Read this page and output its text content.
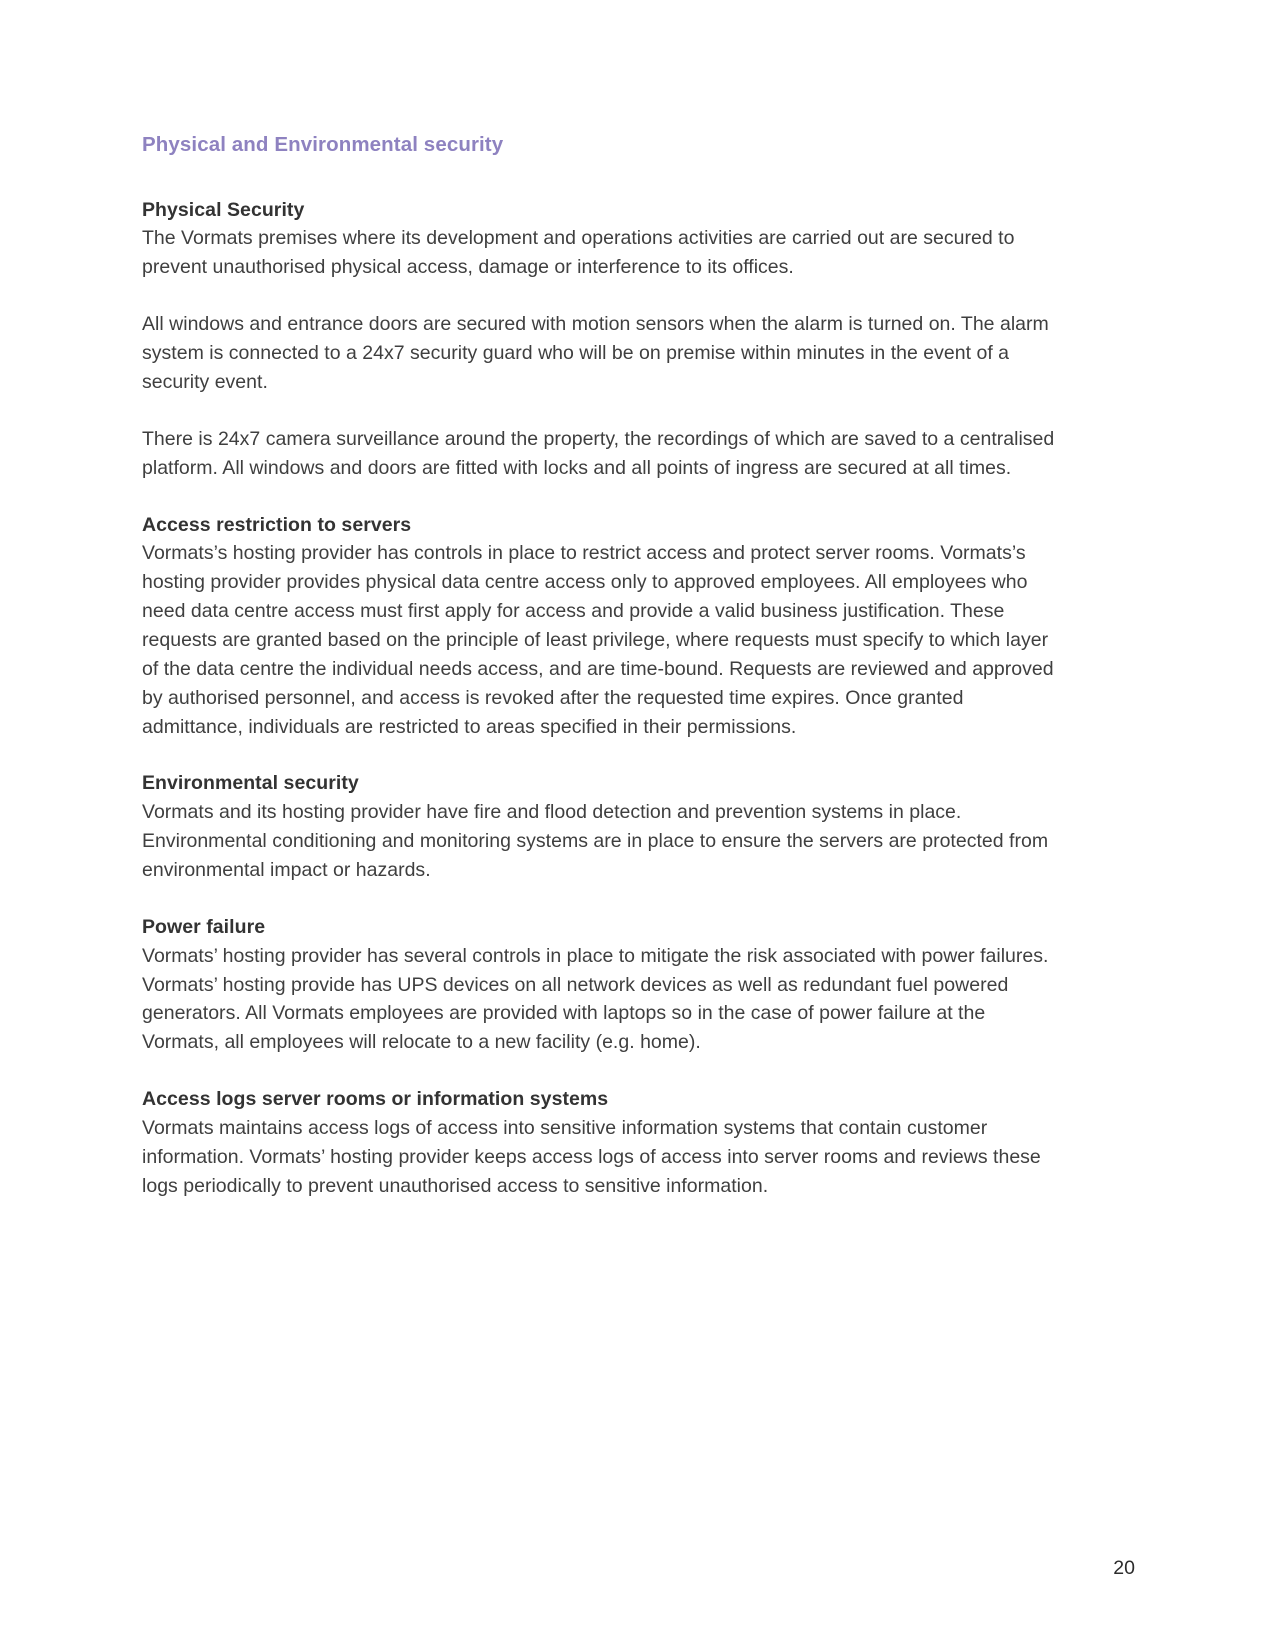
Physical and Environmental security
Physical Security

The Vormats premises where its development and operations activities are carried out are secured to prevent unauthorised physical access, damage or interference to its offices.

All windows and entrance doors are secured with motion sensors when the alarm is turned on. The alarm system is connected to a 24x7 security guard who will be on premise within minutes in the event of a security event.

There is 24x7 camera surveillance around the property, the recordings of which are saved to a centralised platform. All windows and doors are fitted with locks and all points of ingress are secured at all times.

Access restriction to servers

Vormats’s hosting provider has controls in place to restrict access and protect server rooms. Vormats’s hosting provider provides physical data centre access only to approved employees. All employees who need data centre access must first apply for access and provide a valid business justification. These requests are granted based on the principle of least privilege, where requests must specify to which layer of the data centre the individual needs access, and are time-bound. Requests are reviewed and approved by authorised personnel, and access is revoked after the requested time expires. Once granted admittance, individuals are restricted to areas specified in their permissions.

Environmental security

Vormats and its hosting provider have fire and flood detection and prevention systems in place. Environmental conditioning and monitoring systems are in place to ensure the servers are protected from environmental impact or hazards.

Power failure

Vormats’ hosting provider has several controls in place to mitigate the risk associated with power failures.  Vormats’ hosting provide has UPS devices on all network devices as well as redundant fuel powered generators. All Vormats employees are provided with laptops so in the case of power failure at the Vormats, all employees will relocate to a new facility (e.g. home).

Access logs server rooms or information systems

Vormats maintains access logs of access into sensitive information systems that contain customer information. Vormats’ hosting provider keeps access logs of access into server rooms and reviews these logs periodically to prevent unauthorised access to sensitive information.

20
